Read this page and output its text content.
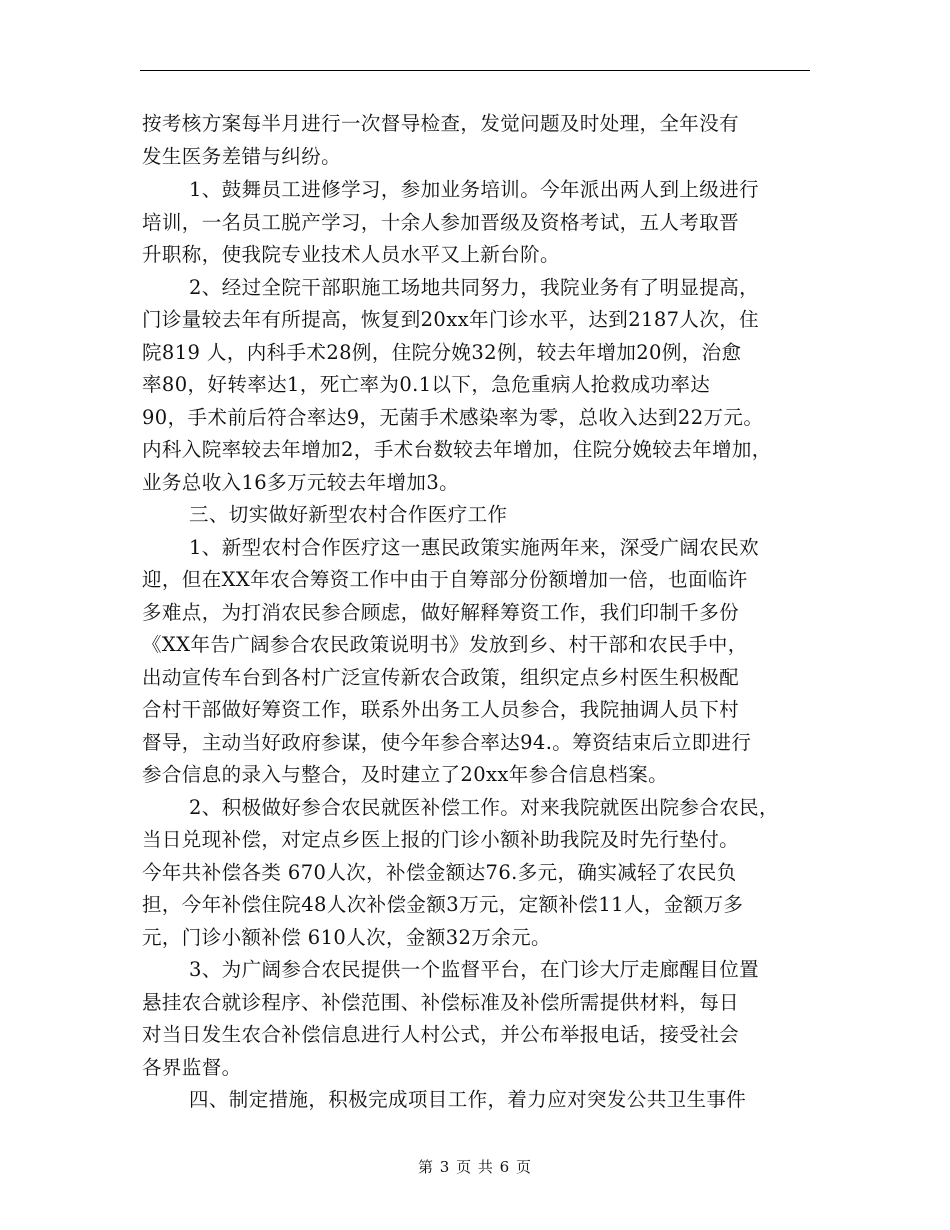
按考核方案每半月进行一次督导检查，发觉问题及时处理，全年没有
发生医务差错与纠纷。
1、鼓舞员工进修学习，参加业务培训。今年派出两人到上级进行
培训，一名员工脱产学习，十余人参加晋级及资格考试，五人考取晋
升职称，使我院专业技术人员水平又上新台阶。
2、经过全院干部职施工场地共同努力，我院业务有了明显提高，
门诊量较去年有所提高，恢复到20xx年门诊水平，达到2187人次，住
院819 人，内科手术28例，住院分娩32例，较去年增加20例，治愈
率80，好转率达1，死亡率为0.1以下，急危重病人抢救成功率达
90，手术前后符合率达9，无菌手术感染率为零，总收入达到22万元。
内科入院率较去年增加2，手术台数较去年增加，住院分娩较去年增加，
业务总收入16多万元较去年增加3。
三、切实做好新型农村合作医疗工作
1、新型农村合作医疗这一惠民政策实施两年来，深受广阔农民欢
迎，但在XX年农合筹资工作中由于自筹部分份额增加一倍，也面临许
多难点，为打消农民参合顾虑，做好解释筹资工作，我们印制千多份
《XX年告广阔参合农民政策说明书》发放到乡、村干部和农民手中，
出动宣传车台到各村广泛宣传新农合政策，组织定点乡村医生积极配
合村干部做好筹资工作，联系外出务工人员参合，我院抽调人员下村
督导，主动当好政府参谋，使今年参合率达94.。筹资结束后立即进行
参合信息的录入与整合，及时建立了20xx年参合信息档案。
2、积极做好参合农民就医补偿工作。对来我院就医出院参合农民，
当日兑现补偿，对定点乡医上报的门诊小额补助我院及时先行垫付。
今年共补偿各类 670人次，补偿金额达76.多元，确实减轻了农民负
担，今年补偿住院48人次补偿金额3万元，定额补偿11人，金额万多
元，门诊小额补偿 610人次，金额32万余元。
3、为广阔参合农民提供一个监督平台，在门诊大厅走廊醒目位置
悬挂农合就诊程序、补偿范围、补偿标准及补偿所需提供材料，每日
对当日发生农合补偿信息进行人村公式，并公布举报电话，接受社会
各界监督。
四、制定措施，积极完成项目工作，着力应对突发公共卫生事件
第 3 页 共 6 页
